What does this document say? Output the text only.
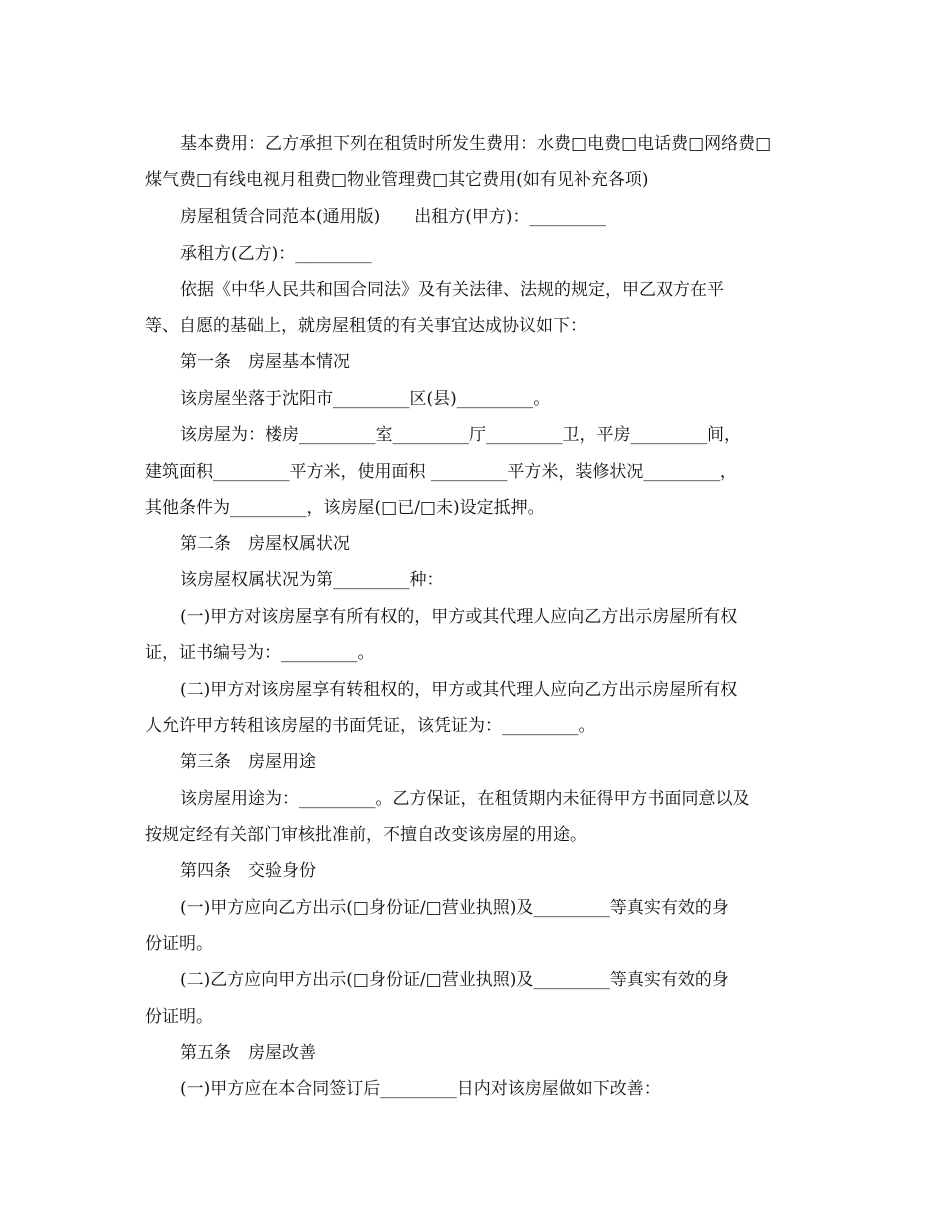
基本费用：乙方承担下列在租赁时所发生费用：水费□电费□电话费□网络费□
煤气费□有线电视月租费□物业管理费□其它费用(如有见补充各项)
房屋租赁合同范本(通用版)　　出租方(甲方)：_________
承租方(乙方)：_________
依据《中华人民共和国合同法》及有关法律、法规的规定，甲乙双方在平
等、自愿的基础上，就房屋租赁的有关事宜达成协议如下：
第一条　房屋基本情况
该房屋坐落于沈阳市_________区(县)_________。
该房屋为：楼房_________室_________厅_________卫，平房_________间，
建筑面积_________平方米，使用面积 _________平方米，装修状况_________，
其他条件为_________，该房屋(□已/□未)设定抵押。
第二条　房屋权属状况
该房屋权属状况为第_________种：
(一)甲方对该房屋享有所有权的，甲方或其代理人应向乙方出示房屋所有权
证，证书编号为：_________。
(二)甲方对该房屋享有转租权的，甲方或其代理人应向乙方出示房屋所有权
人允许甲方转租该房屋的书面凭证，该凭证为：_________。
第三条　房屋用途
该房屋用途为：_________。乙方保证，在租赁期内未征得甲方书面同意以及
按规定经有关部门审核批准前，不擅自改变该房屋的用途。
第四条　交验身份
(一)甲方应向乙方出示(□身份证/□营业执照)及_________等真实有效的身
份证明。
(二)乙方应向甲方出示(□身份证/□营业执照)及_________等真实有效的身
份证明。
第五条　房屋改善
(一)甲方应在本合同签订后_________日内对该房屋做如下改善：
